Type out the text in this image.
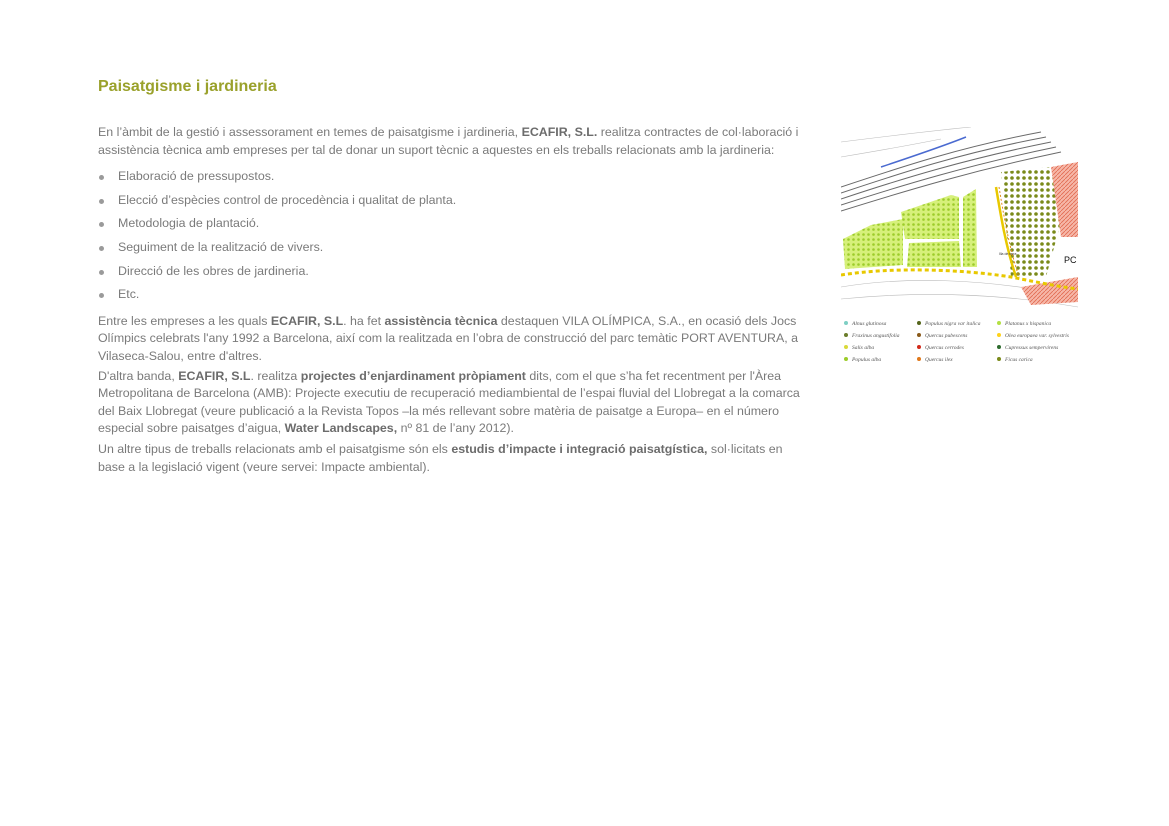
Paisatgisme i jardineria

En l’àmbit de la gestió i assessorament en temes de paisatgisme i jardineria, ECAFIR, S.L. realitza contractes de col·laboració i assistència tècnica amb empreses per tal de donar un suport tècnic a aquestes en els treballs relacionats amb la jardineria:

Elaboració de pressupostos.
Elecció d’espècies control de procedència i qualitat de planta.
Metodologia de plantació.
Seguiment de la realització de vivers.
Direcció de les obres de jardineria.
Etc.

Entre les empreses a les quals ECAFIR, S.L. ha fet assistència tècnica destaquen VILA OLÍMPICA, S.A., en ocasió dels Jocs Olímpics celebrats l'any 1992 a Barcelona, així com la realitzada en l’obra de construcció del parc temàtic PORT AVENTURA, a Vilaseca-Salou, entre d'altres.

D'altra banda, ECAFIR, S.L. realitza projectes d’enjardinament pròpiament dits, com el que s’ha fet recentment per l'Àrea Metropolitana de Barcelona (AMB): Projecte executiu de recuperació mediambiental de l’espai fluvial del Llobregat a la comarca del Baix Llobregat (veure publicació a la Revista Topos –la més rellevant sobre matèria de paisatge a Europa– en el número especial sobre paisatges d’aigua, Water Landscapes, nº 81 de l’any 2012).

Un altre tipus de treballs relacionats amb el paisatgisme són els estudis d’impacte i integració paisatgística, sol·licitats en base a la legislació vigent (veure servei: Impacte ambiental).

PC
Illa de terra
Alnus glutinosa
Fraxinus angustifolia
Salix alba
Populus alba
Populus nigra var italica
Quercus pubescens
Quercus cerrodes
Quercus ilex
Platanus x hispanica
Olea europaea var. sylvestris
Cupressus sempervirens
Ficus carica
